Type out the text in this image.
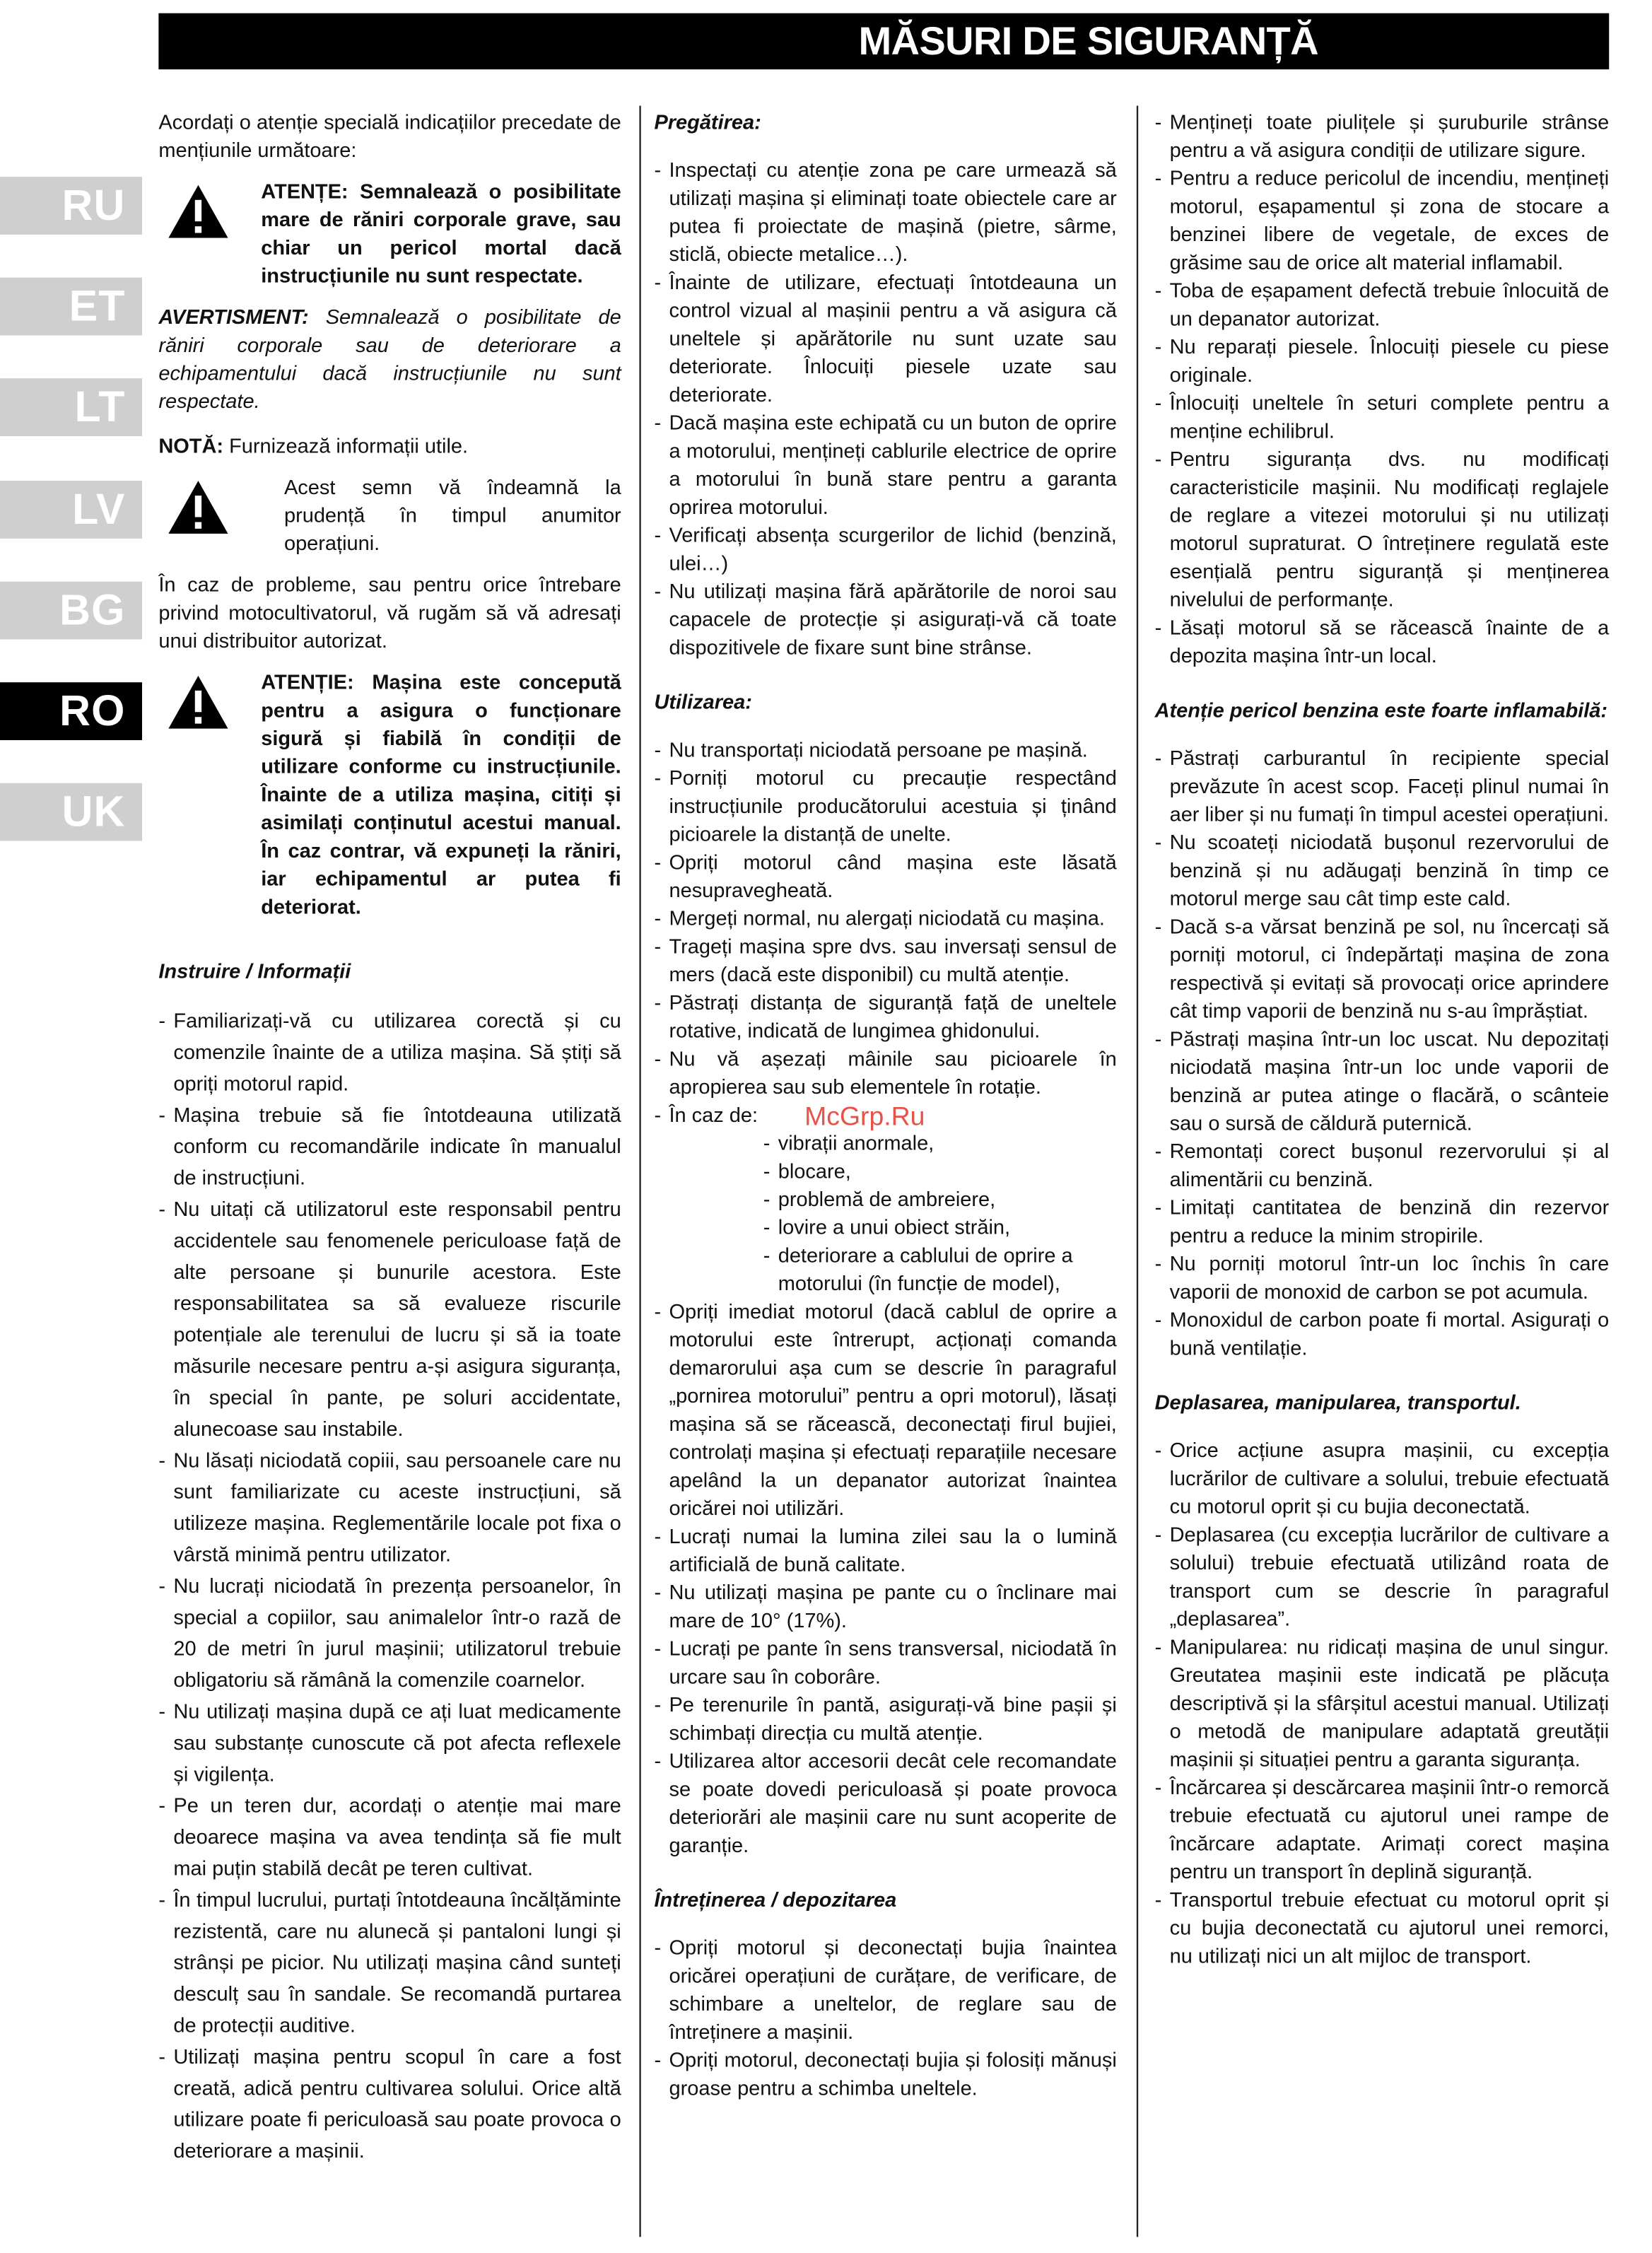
MĂSURI DE SIGURANȚĂ
RU
ET
LT
LV
BG
RO
UK

Acordați o atenție specială indicațiilor precedate de mențiunile următoare:

ATENȚE: Semnalează o posibilitate mare de răniri corporale grave, sau chiar un pericol mortal dacă instrucțiunile nu sunt respectate.

AVERTISMENT: Semnalează o posibilitate de răniri corporale sau de deteriorare a echipamentului dacă instrucțiunile nu sunt respectate.

NOTĂ: Furnizează informații utile.

Acest semn vă îndeamnă la prudență în timpul anumitor operațiuni.

În caz de probleme, sau pentru orice întrebare privind motocultivatorul, vă rugăm să vă adresați unui distribuitor autorizat.

ATENȚIE: Mașina este concepută pentru a asigura o funcționare sigură și fiabilă în condiții de utilizare conforme cu instrucțiunile. Înainte de a utiliza mașina, citiți și asimilați conținutul acestui manual. În caz contrar, vă expuneți la răniri, iar echipamentul ar putea fi deteriorat.

Instruire / Informații

- Familiarizați-vă cu utilizarea corectă și cu comenzile înainte de a utiliza mașina. Să știți să opriți motorul rapid.
- Mașina trebuie să fie întotdeauna utilizată conform cu recomandările indicate în manualul de instrucțiuni.
- Nu uitați că utilizatorul este responsabil pentru accidentele sau fenomenele periculoase față de alte persoane și bunurile acestora. Este responsabilitatea sa să evalueze riscurile potențiale ale terenului de lucru și să ia toate măsurile necesare pentru a-și asigura siguranța, în special în pante, pe soluri accidentate, alunecoase sau instabile.
- Nu lăsați niciodată copiii, sau persoanele care nu sunt familiarizate cu aceste instrucțiuni, să utilizeze mașina. Reglementările locale pot fixa o vârstă minimă pentru utilizator.
- Nu lucrați niciodată în prezența persoanelor, în special a copiilor, sau animalelor într-o rază de 20 de metri în jurul mașinii; utilizatorul trebuie obligatoriu să rămână la comenzile coarnelor.
- Nu utilizați mașina după ce ați luat medicamente sau substanțe cunoscute că pot afecta reflexele și vigilența.
- Pe un teren dur, acordați o atenție mai mare deoarece mașina va avea tendința să fie mult mai puțin stabilă decât pe teren cultivat.
- În timpul lucrului, purtați întotdeauna încălțăminte rezistentă, care nu alunecă și pantaloni lungi și strânși pe picior. Nu utilizați mașina când sunteți desculț sau în sandale. Se recomandă purtarea de protecții auditive.
- Utilizați mașina pentru scopul în care a fost creată, adică pentru cultivarea solului. Orice altă utilizare poate fi periculoasă sau poate provoca o deteriorare a mașinii.

Pregătirea:

- Inspectați cu atenție zona pe care urmează să utilizați mașina și eliminați toate obiectele care ar putea fi proiectate de mașină (pietre, sârme, sticlă, obiecte metalice…).
- Înainte de utilizare, efectuați întotdeauna un control vizual al mașinii pentru a vă asigura că uneltele și apărătorile nu sunt uzate sau deteriorate. Înlocuiți piesele uzate sau deteriorate.
- Dacă mașina este echipată cu un buton de oprire a motorului, mențineți cablurile electrice de oprire a motorului în bună stare pentru a garanta oprirea motorului.
- Verificați absența scurgerilor de lichid (benzină, ulei…)
- Nu utilizați mașina fără apărătorile de noroi sau capacele de protecție și asigurați-vă că toate dispozitivele de fixare sunt bine strânse.

Utilizarea:

- Nu transportați niciodată persoane pe mașină.
- Porniți motorul cu precauție respectând instrucțiunile producătorului acestuia și ținând picioarele la distanță de unelte.
- Opriți motorul când mașina este lăsată nesupravegheată.
- Mergeți normal, nu alergați niciodată cu mașina.
- Trageți mașina spre dvs. sau inversați sensul de mers (dacă este disponibil) cu multă atenție.
- Păstrați distanța de siguranță față de uneltele rotative, indicată de lungimea ghidonului.
- Nu vă așezați mâinile sau picioarele în apropierea sau sub elementele în rotație.
- În caz de:
- vibrații anormale,
- blocare,
- problemă de ambreiere,
- lovire a unui obiect străin,
- deteriorare a cablului de oprire a motorului (în funcție de model),
- Opriți imediat motorul (dacă cablul de oprire a motorului este întrerupt, acționați comanda demarorului așa cum se descrie în paragraful „pornirea motorului” pentru a opri motorul), lăsați mașina să se răcească, deconectați firul bujiei, controlați mașina și efectuați reparațiile necesare apelând la un depanator autorizat înaintea oricărei noi utilizări.
- Lucrați numai la lumina zilei sau la o lumină artificială de bună calitate.
- Nu utilizați mașina pe pante cu o înclinare mai mare de 10° (17%).
- Lucrați pe pante în sens transversal, niciodată în urcare sau în coborâre.
- Pe terenurile în pantă, asigurați-vă bine pașii și schimbați direcția cu multă atenție.
- Utilizarea altor accesorii decât cele recomandate se poate dovedi periculoasă și poate provoca deteriorări ale mașinii care nu sunt acoperite de garanție.

Întreținerea / depozitarea

- Opriți motorul și deconectați bujia înaintea oricărei operațiuni de curățare, de verificare, de schimbare a uneltelor, de reglare sau de întreținere a mașinii.
- Opriți motorul, deconectați bujia și folosiți mănuși groase pentru a schimba uneltele.
- Mențineți toate piulițele și șuruburile strânse pentru a vă asigura condiții de utilizare sigure.
- Pentru a reduce pericolul de incendiu, mențineți motorul, eșapamentul și zona de stocare a benzinei libere de vegetale, de exces de grăsime sau de orice alt material inflamabil.
- Toba de eșapament defectă trebuie înlocuită de un depanator autorizat.
- Nu reparați piesele. Înlocuiți piesele cu piese originale.
- Înlocuiți uneltele în seturi complete pentru a menține echilibrul.
- Pentru siguranța dvs. nu modificați caracteristicile mașinii. Nu modificați reglajele de reglare a vitezei motorului și nu utilizați motorul supraturat. O întreținere regulată este esențială pentru siguranță și menținerea nivelului de performanțe.
- Lăsați motorul să se răcească înainte de a depozita mașina într-un local.

Atenție pericol benzina este foarte inflamabilă:

- Păstrați carburantul în recipiente special prevăzute în acest scop. Faceți plinul numai în aer liber și nu fumați în timpul acestei operațiuni.
- Nu scoateți niciodată bușonul rezervorului de benzină și nu adăugați benzină în timp ce motorul merge sau cât timp este cald.
- Dacă s-a vărsat benzină pe sol, nu încercați să porniți motorul, ci îndepărtați mașina de zona respectivă și evitați să provocați orice aprindere cât timp vaporii de benzină nu s-au împrăștiat.
- Păstrați mașina într-un loc uscat. Nu depozitați niciodată mașina într-un loc unde vaporii de benzină ar putea atinge o flacără, o scânteie sau o sursă de căldură puternică.
- Remontați corect bușonul rezervorului și al alimentării cu benzină.
- Limitați cantitatea de benzină din rezervor pentru a reduce la minim stropirile.
- Nu porniți motorul într-un loc închis în care vaporii de monoxid de carbon se pot acumula.
- Monoxidul de carbon poate fi mortal. Asigurați o bună ventilație.

Deplasarea, manipularea, transportul.

- Orice acțiune asupra mașinii, cu excepția lucrărilor de cultivare a solului, trebuie efectuată cu motorul oprit și cu bujia deconectată.
- Deplasarea (cu excepția lucrărilor de cultivare a solului) trebuie efectuată utilizând roata de transport cum se descrie în paragraful „deplasarea”.
- Manipularea: nu ridicați mașina de unul singur. Greutatea mașinii este indicată pe plăcuța descriptivă și la sfârșitul acestui manual. Utilizați o metodă de manipulare adaptată greutății mașinii și situației pentru a garanta siguranța.
- Încărcarea și descărcarea mașinii într-o remorcă trebuie efectuată cu ajutorul unei rampe de încărcare adaptate. Arimați corect mașina pentru un transport în deplină siguranță.
- Transportul trebuie efectuat cu motorul oprit și cu bujia deconectată cu ajutorul unei remorci, nu utilizați nici un alt mijloc de transport.
McGrp.Ru
